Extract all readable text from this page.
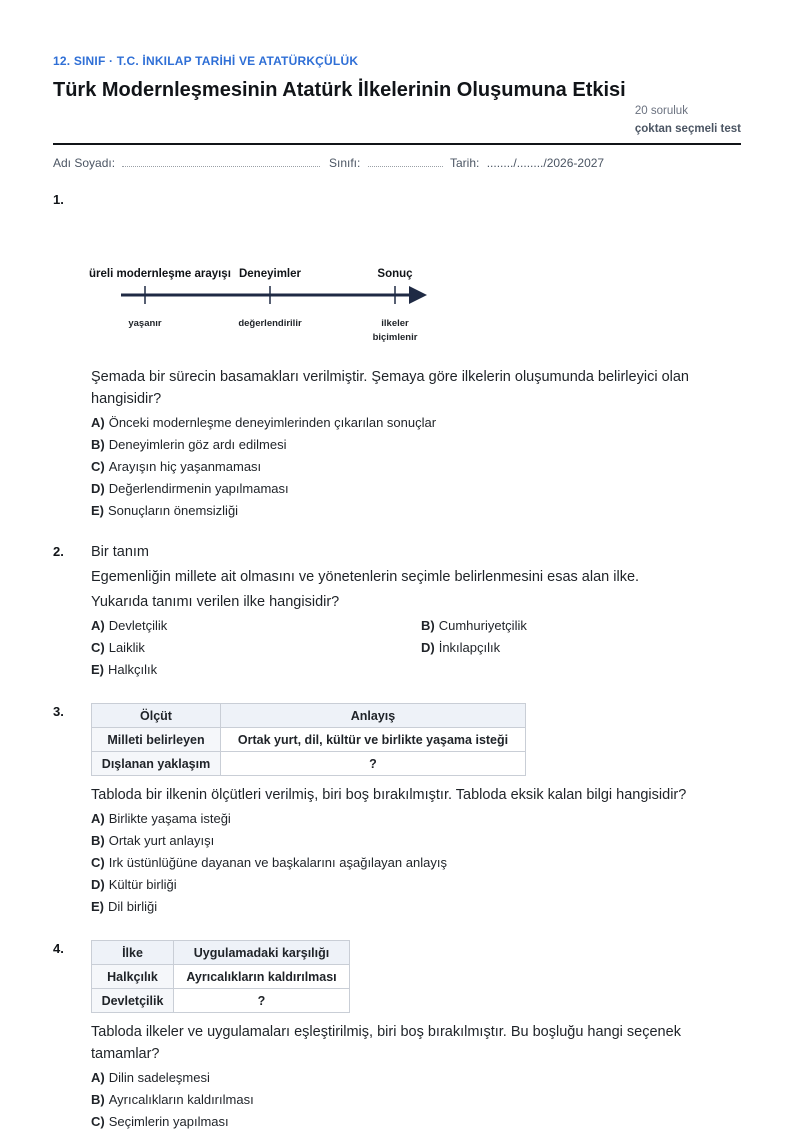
12. SINIF · T.C. İNKILAP TARİHİ VE ATATÜRKÇÜLÜK
Türk Modernleşmesinin Atatürk İlkelerinin Oluşumuna Etkisi
20 soruluk
çoktan seçmeli test
Adı Soyadı:	Sınıfı:	Tarih: ......../......../2026-2027
1.
üreli modernleşme arayışı Deneyimler	Sonuç
yaşanır	değerlendirilir	ilkeler
biçimlenir
Şemada bir sürecin basamakları verilmiştir. Şemaya göre ilkelerin oluşumunda belirleyici olan hangisidir?
A) Önceki modernleşme deneyimlerinden çıkarılan sonuçlar
B) Deneyimlerin göz ardı edilmesi
C) Arayışın hiç yaşanmaması
D) Değerlendirmenin yapılmaması
E) Sonuçların önemsizliği
2. Bir tanım
Egemenliğin millete ait olmasını ve yönetenlerin seçimle belirlenmesini esas alan ilke.
Yukarıda tanımı verilen ilke hangisidir?
A) Devletçilik	B) Cumhuriyetçilik
C) Laiklik	D) İnkılapçılık
E) Halkçılık
3.	Ölçüt	Anlayış
Milleti belirleyen	Ortak yurt, dil, kültür ve birlikte yaşama isteği
Dışlanan yaklaşım	?
Tabloda bir ilkenin ölçütleri verilmiş, biri boş bırakılmıştır. Tabloda eksik kalan bilgi hangisidir?
A) Birlikte yaşama isteği
B) Ortak yurt anlayışı
C) Irk üstünlüğüne dayanan ve başkalarını aşağılayan anlayış
D) Kültür birliği
E) Dil birliği
4.	İlke	Uygulamadaki karşılığı
Halkçılık	Ayrıcalıkların kaldırılması
Devletçilik	?
Tabloda ilkeler ve uygulamaları eşleştirilmiş, biri boş bırakılmıştır. Bu boşluğu hangi seçenek tamamlar?
A) Dilin sadeleşmesi
B) Ayrıcalıkların kaldırılması
C) Seçimlerin yapılması
